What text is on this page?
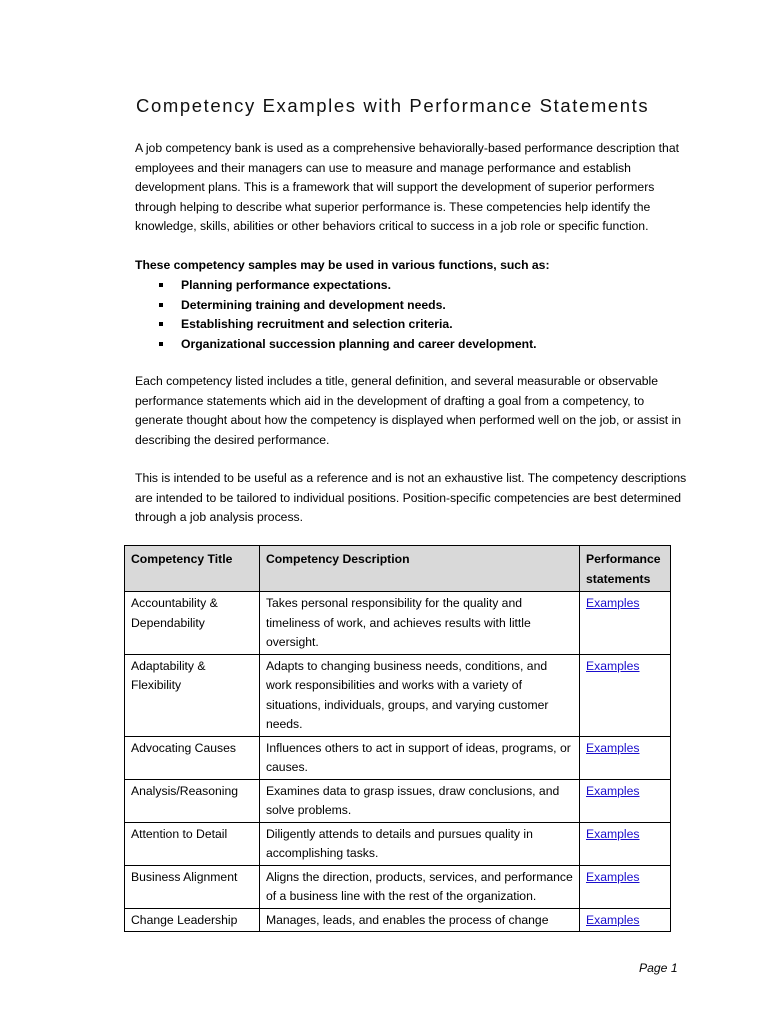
Competency Examples with Performance Statements
A job competency bank is used as a comprehensive behaviorally-based performance description that employees and their managers can use to measure and manage performance and establish development plans. This is a framework that will support the development of superior performers through helping to describe what superior performance is. These competencies help identify the knowledge, skills, abilities or other behaviors critical to success in a job role or specific function.
These competency samples may be used in various functions, such as:
Planning performance expectations.
Determining training and development needs.
Establishing recruitment and selection criteria.
Organizational succession planning and career development.
Each competency listed includes a title, general definition, and several measurable or observable performance statements which aid in the development of drafting a goal from a competency, to generate thought about how the competency is displayed when performed well on the job, or assist in describing the desired performance.
This is intended to be useful as a reference and is not an exhaustive list. The competency descriptions are intended to be tailored to individual positions. Position-specific competencies are best determined through a job analysis process.
Competency Title	Competency Description	Performance statements
Accountability & Dependability	Takes personal responsibility for the quality and timeliness of work, and achieves results with little oversight.	Examples
Adaptability & Flexibility	Adapts to changing business needs, conditions, and work responsibilities and works with a variety of situations, individuals, groups, and varying customer needs.	Examples
Advocating Causes	Influences others to act in support of ideas, programs, or causes.	Examples
Analysis/Reasoning	Examines data to grasp issues, draw conclusions, and solve problems.	Examples
Attention to Detail	Diligently attends to details and pursues quality in accomplishing tasks.	Examples
Business Alignment	Aligns the direction, products, services, and performance of a business line with the rest of the organization.	Examples
Change Leadership	Manages, leads, and enables the process of change	Examples
Page 1
